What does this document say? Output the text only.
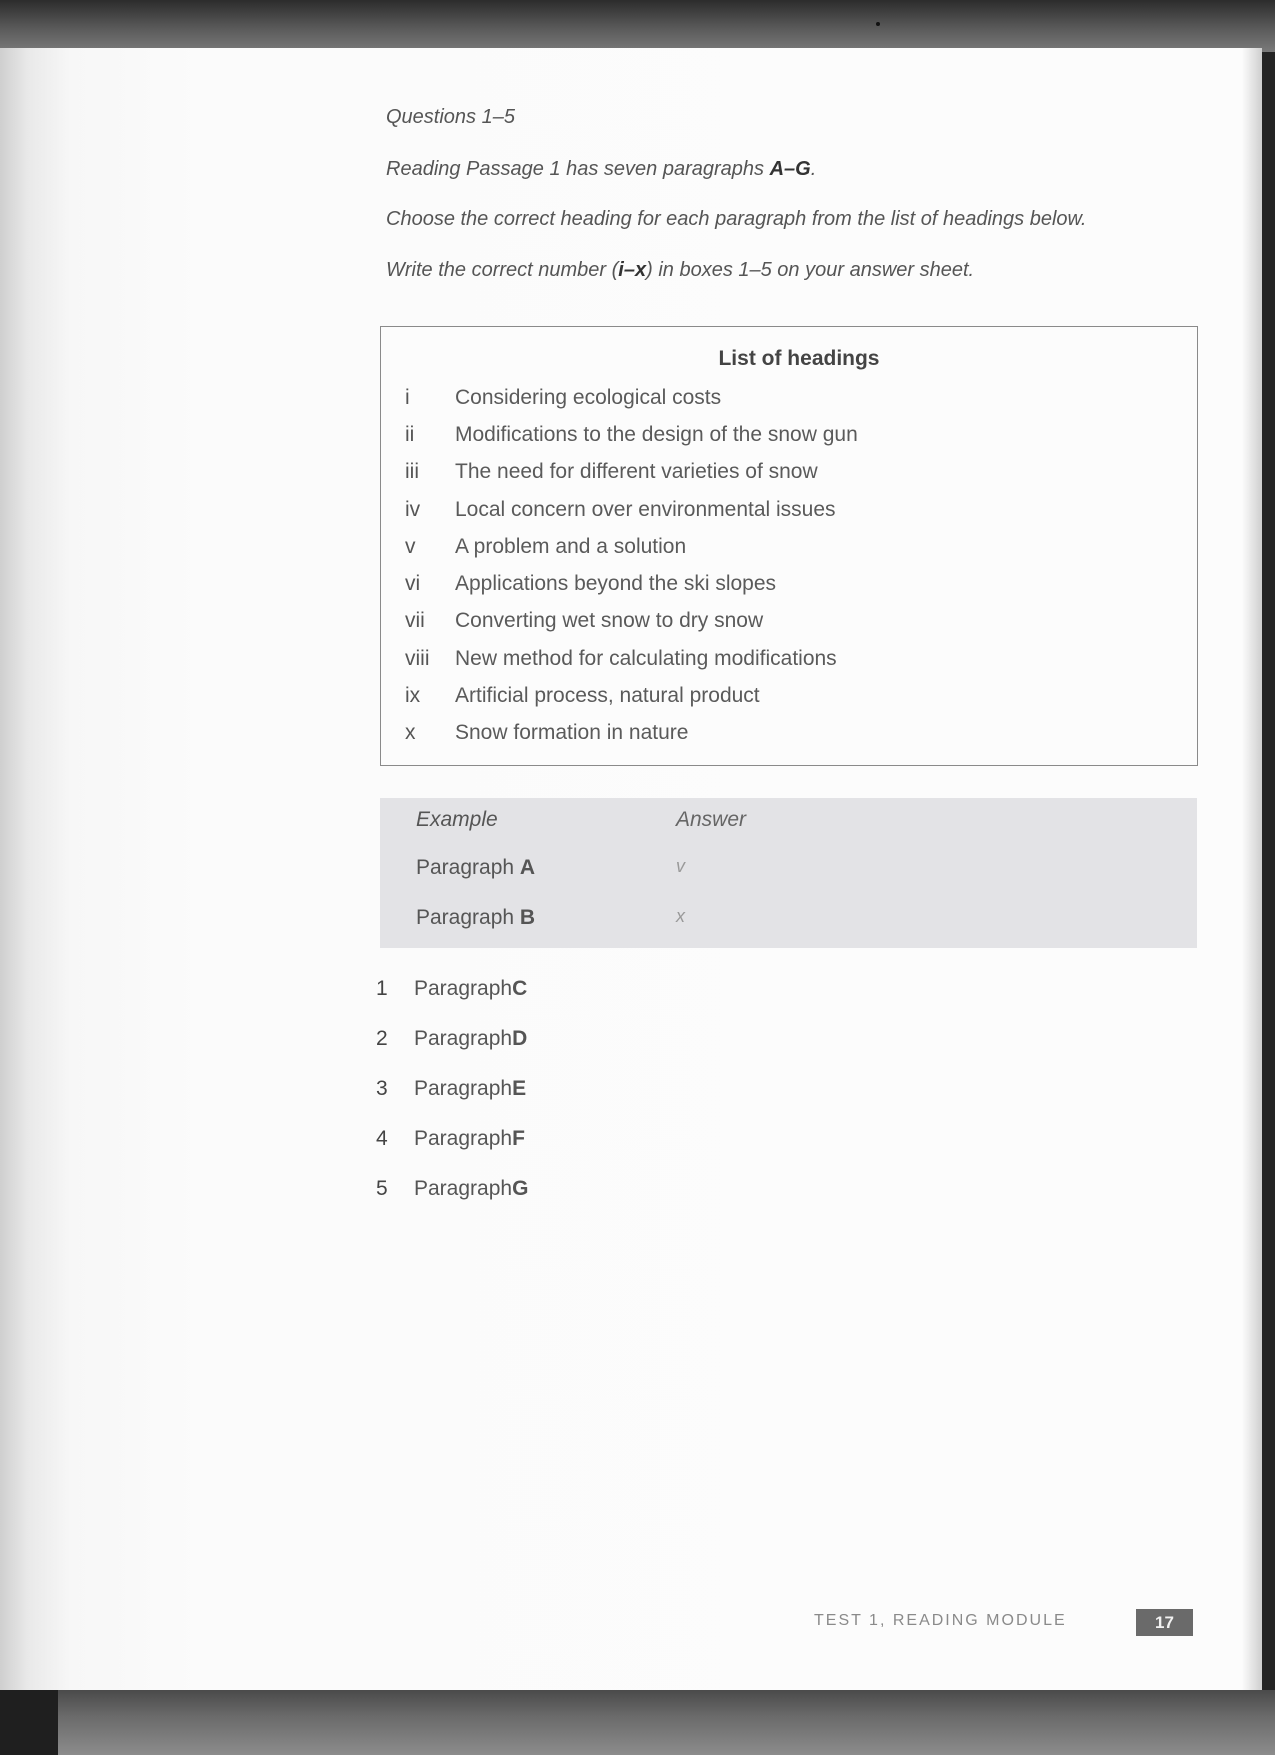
Questions 1–5
Reading Passage 1 has seven paragraphs A–G.
Choose the correct heading for each paragraph from the list of headings below.
Write the correct number (i–x) in boxes 1–5 on your answer sheet.
List of headings
i	Considering ecological costs
ii	Modifications to the design of the snow gun
iii	The need for different varieties of snow
iv	Local concern over environmental issues
v	A problem and a solution
vi	Applications beyond the ski slopes
vii	Converting wet snow to dry snow
viii	New method for calculating modifications
ix	Artificial process, natural product
x	Snow formation in nature
Example	Answer
Paragraph A	v
Paragraph B	x
1	Paragraph C
2	Paragraph D
3	Paragraph E
4	Paragraph F
5	Paragraph G
TEST 1, READING MODULE	17
